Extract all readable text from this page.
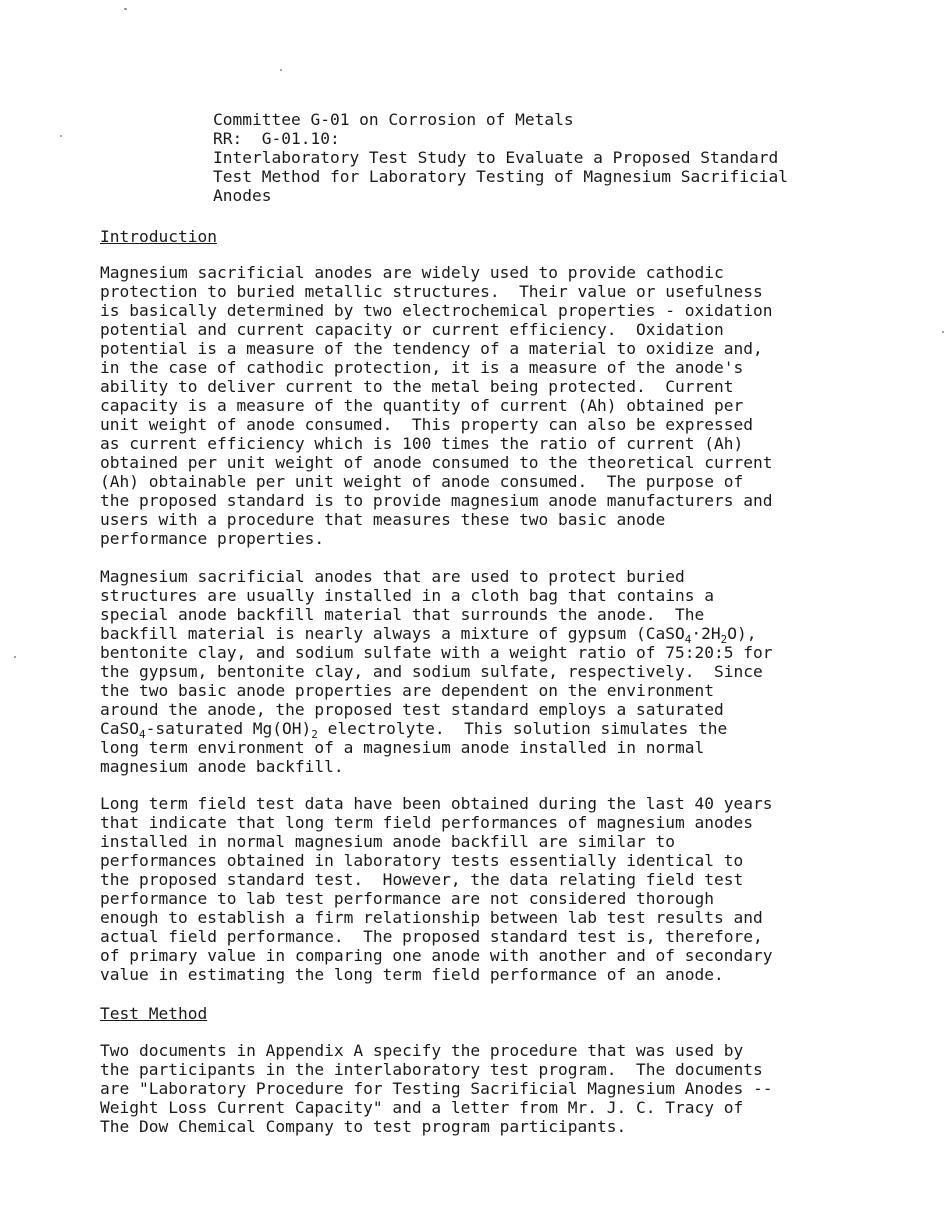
Committee G-01 on Corrosion of Metals
RR:  G-01.10:
Interlaboratory Test Study to Evaluate a Proposed Standard
Test Method for Laboratory Testing of Magnesium Sacrificial
Anodes
Introduction
Magnesium sacrificial anodes are widely used to provide cathodic
protection to buried metallic structures.  Their value or usefulness
is basically determined by two electrochemical properties - oxidation
potential and current capacity or current efficiency.  Oxidation
potential is a measure of the tendency of a material to oxidize and,
in the case of cathodic protection, it is a measure of the anode's
ability to deliver current to the metal being protected.  Current
capacity is a measure of the quantity of current (Ah) obtained per
unit weight of anode consumed.  This property can also be expressed
as current efficiency which is 100 times the ratio of current (Ah)
obtained per unit weight of anode consumed to the theoretical current
(Ah) obtainable per unit weight of anode consumed.  The purpose of
the proposed standard is to provide magnesium anode manufacturers and
users with a procedure that measures these two basic anode
performance properties.
Magnesium sacrificial anodes that are used to protect buried
structures are usually installed in a cloth bag that contains a
special anode backfill material that surrounds the anode.  The
backfill material is nearly always a mixture of gypsum $(CaSO_4\cdot 2H_2O)$,
bentonite clay, and sodium sulfate with a weight ratio of 75:20:5 for
the gypsum, bentonite clay, and sodium sulfate, respectively.  Since
the two basic anode properties are dependent on the environment
around the anode, the proposed test standard employs a saturated
CaSO$_4$-saturated $Mg(OH)_2$ electrolyte.  This solution simulates the
long term environment of a magnesium anode installed in normal
magnesium anode backfill.
Long term field test data have been obtained during the last 40 years
that indicate that long term field performances of magnesium anodes
installed in normal magnesium anode backfill are similar to
performances obtained in laboratory tests essentially identical to
the proposed standard test.  However, the data relating field test
performance to lab test performance are not considered thorough
enough to establish a firm relationship between lab test results and
actual field performance.  The proposed standard test is, therefore,
of primary value in comparing one anode with another and of secondary
value in estimating the long term field performance of an anode.
Test Method
Two documents in Appendix A specify the procedure that was used by
the participants in the interlaboratory test program.  The documents
are "Laboratory Procedure for Testing Sacrificial Magnesium Anodes --
Weight Loss Current Capacity" and a letter from Mr. J. C. Tracy of
The Dow Chemical Company to test program participants.
